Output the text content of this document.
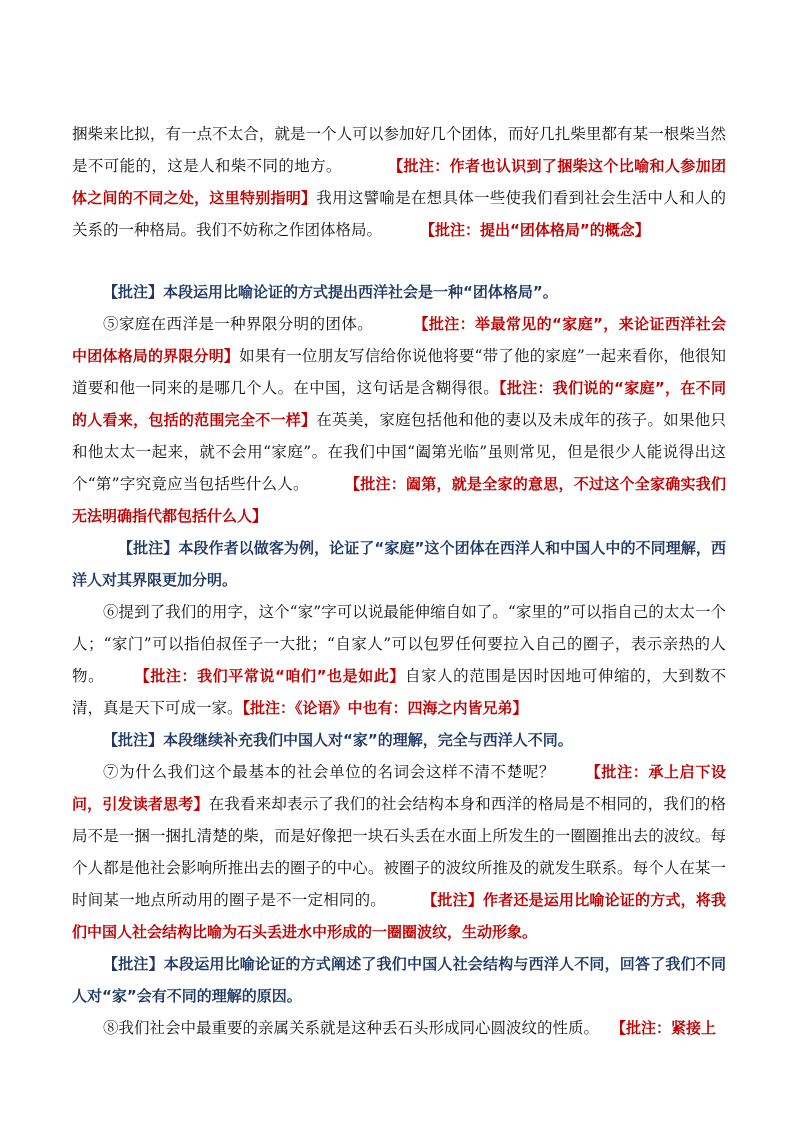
捆柴来比拟，有一点不太合，就是一个人可以参加好几个团体，而好几扎柴里都有某一根柴当然是不可能的，这是人和柴不同的地方。	【批注：作者也认识到了捆柴这个比喻和人参加团体之间的不同之处，这里特别指明】我用这譬喻是在想具体一些使我们看到社会生活中人和人的关系的一种格局。我们不妨称之作团体格局。	【批注：提出“团体格局”的概念】

【批注】本段运用比喻论证的方式提出西洋社会是一种“团体格局”。

⑤家庭在西洋是一种界限分明的团体。	【批注：举最常见的“家庭”，来论证西洋社会中团体格局的界限分明】如果有一位朋友写信给你说他将要“带了他的家庭”一起来看你，他很知道要和他一同来的是哪几个人。在中国，这句话是含糊得很。【批注：我们说的“家庭”，在不同的人看来，包括的范围完全不一样】在英美，家庭包括他和他的妻以及未成年的孩子。如果他只和他太太一起来，就不会用“家庭”。在我们中国“阖第光临”虽则常见，但是很少人能说得出这个“第”字究竟应当包括些什么人。 【批注：阖第，就是全家的意思，不过这个全家确实我们无法明确指代都包括什么人】

【批注】本段作者以做客为例，论证了“家庭”这个团体在西洋人和中国人中的不同理解，西洋人对其界限更加分明。

⑥提到了我们的用字，这个“家”字可以说最能伸缩自如了。“家里的”可以指自己的太太一个人；“家门”可以指伯叔侄子一大批；“自家人”可以包罗任何要拉入自己的圈子，表示亲热的人物。 【批注：我们平常说“咱们”也是如此】自家人的范围是因时因地可伸缩的，大到数不清，真是天下可成一家。【批注：《论语》中也有：四海之内皆兄弟】

【批注】本段继续补充我们中国人对“家”的理解，完全与西洋人不同。

⑦为什么我们这个最基本的社会单位的名词会这样不清不楚呢？ 【批注：承上启下设问，引发读者思考】在我看来却表示了我们的社会结构本身和西洋的格局是不相同的，我们的格局不是一捆一捆扎清楚的柴，而是好像把一块石头丢在水面上所发生的一圈圈推出去的波纹。每个人都是他社会影响所推出去的圈子的中心。被圈子的波纹所推及的就发生联系。每个人在某一时间某一地点所动用的圈子是不一定相同的。 【批注】作者还是运用比喻论证的方式，将我们中国人社会结构比喻为石头丢进水中形成的一圈圈波纹，生动形象。

【批注】本段运用比喻论证的方式阐述了我们中国人社会结构与西洋人不同，回答了我们不同人对“家”会有不同的理解的原因。

⑧我们社会中最重要的亲属关系就是这种丢石头形成同心圆波纹的性质。 【批注：紧接上
